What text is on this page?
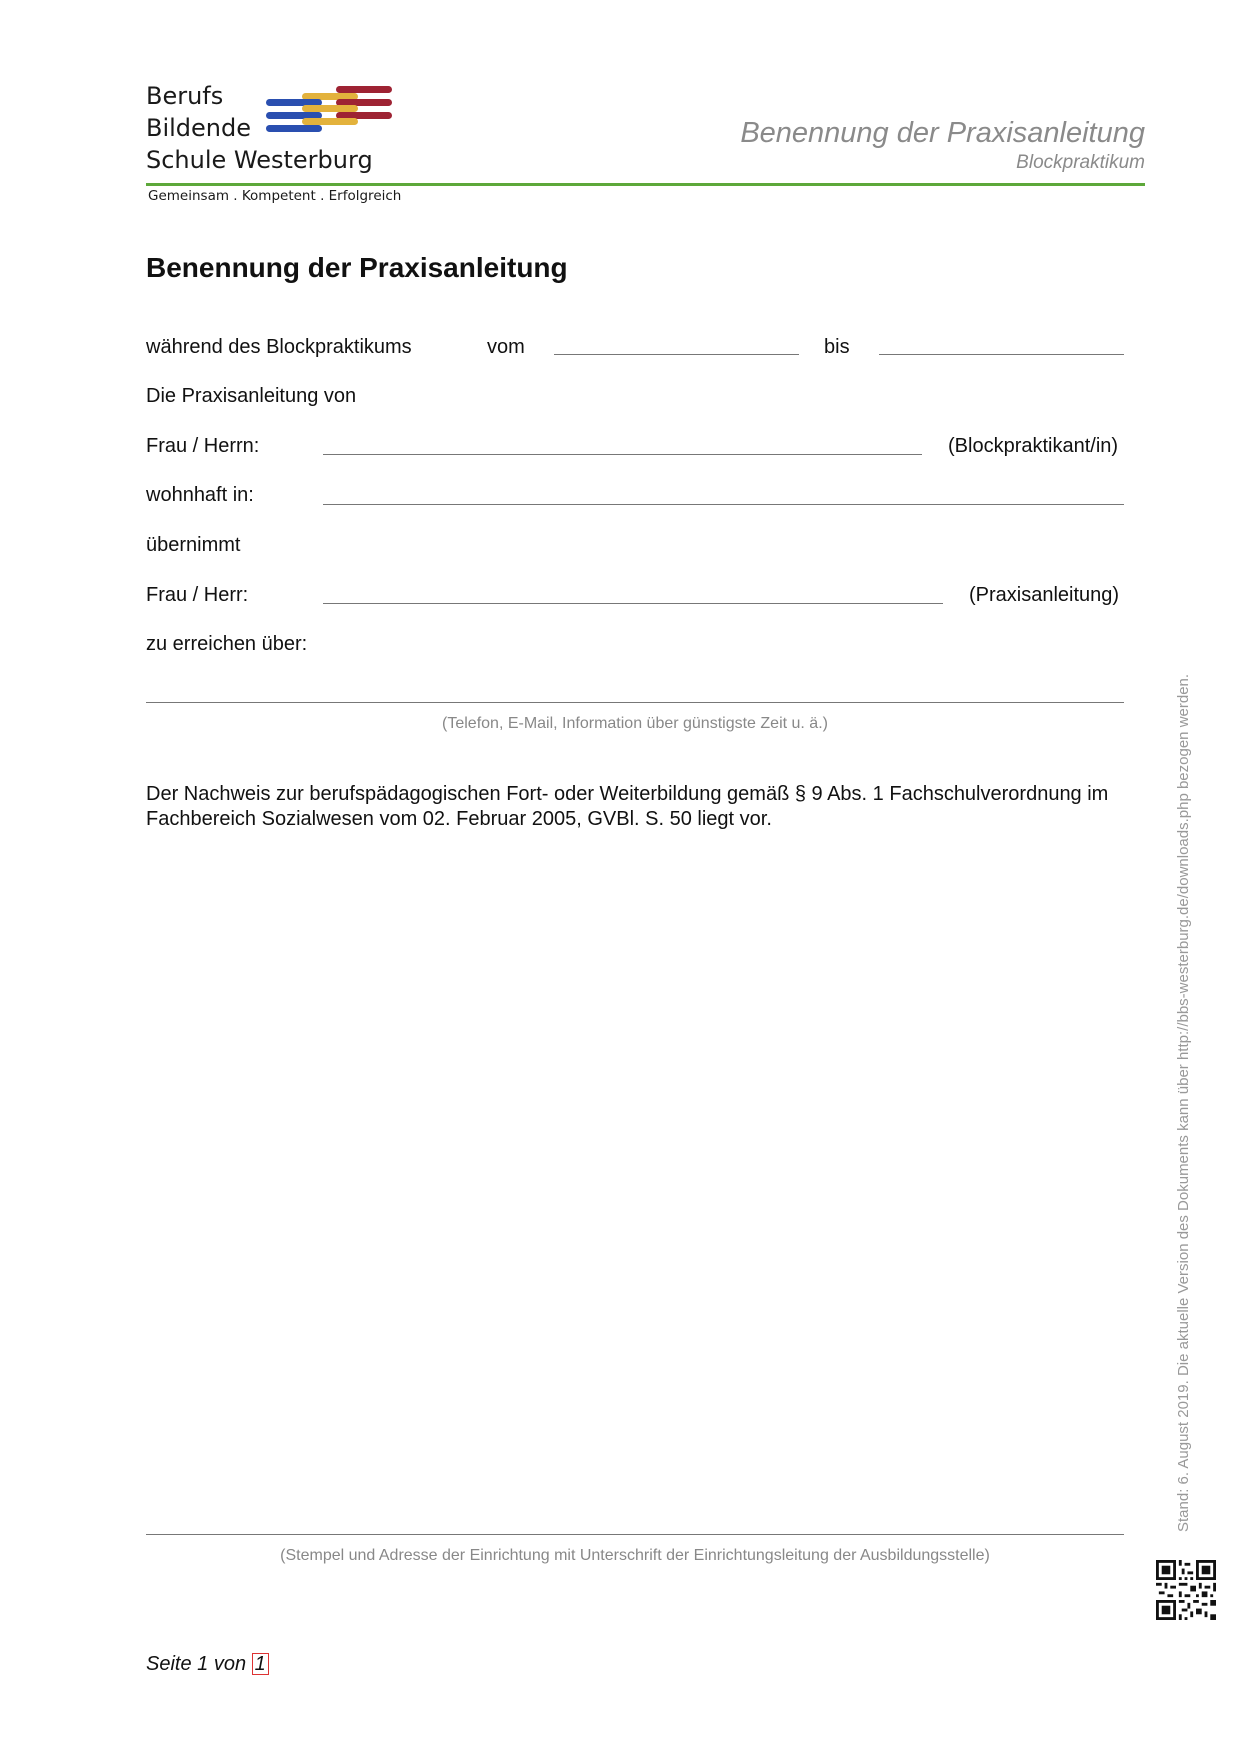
Berufs
Bildende
Schule Westerburg
Gemeinsam . Kompetent . Erfolgreich
Benennung der Praxisanleitung
Blockpraktikum
Benennung der Praxisanleitung
während des Blockpraktikums	vom	bis
Die Praxisanleitung von
Frau / Herrn:	(Blockpraktikant/in)
wohnhaft in:
übernimmt
Frau / Herr:	(Praxisanleitung)
zu erreichen über:
(Telefon, E-Mail, Information über günstigste Zeit u. ä.)
Der Nachweis zur berufspädagogischen Fort- oder Weiterbildung gemäß § 9 Abs. 1 Fachschulverordnung im Fachbereich Sozialwesen vom 02. Februar 2005, GVBl. S. 50 liegt vor.
(Stempel und Adresse der Einrichtung mit Unterschrift der Einrichtungsleitung der Ausbildungsstelle)
Stand: 6. August 2019. Die aktuelle Version des Dokuments kann über http://bbs-westerburg.de/downloads.php bezogen werden.
Seite 1 von 1
